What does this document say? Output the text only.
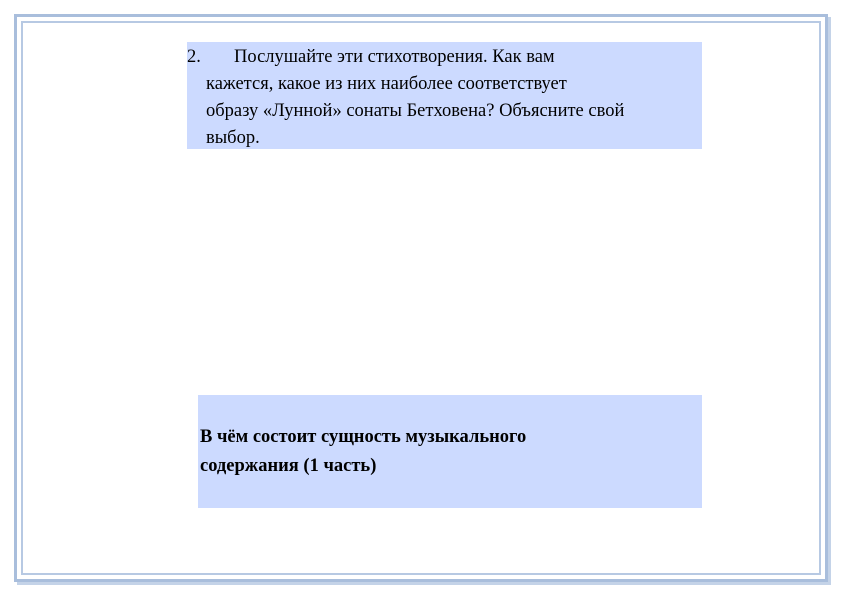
2. Послушайте эти стихотворения. Как вам
кажется, какое из них наиболее соответствует
образу «Лунной» сонаты Бетховена? Объясните свой
выбор.
В чём состоит сущность музыкального
содержания (1 часть)
